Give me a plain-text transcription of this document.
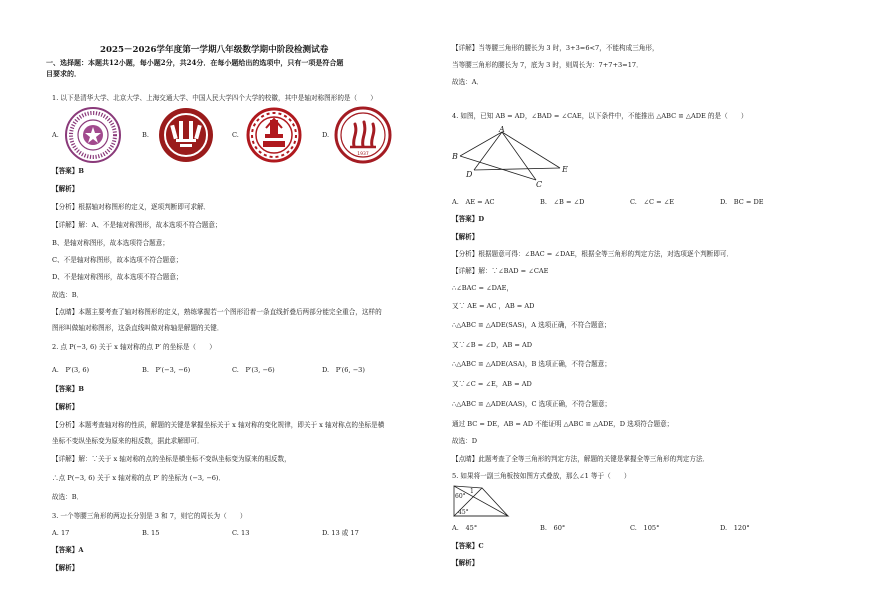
2025－2026学年度第一学期八年级数学期中阶段检测试卷
一、选择题：本题共12小题，每小题2分，共24分．在每小题给出的选项中，只有一项是符合题
目要求的．
1. 以下是清华大学、北京大学、上海交通大学、中国人民大学四个大学的校徽，其中是轴对称图形的是（　　）
A.	B.	C.	D.
1937
【答案】B
【解析】
【分析】根据轴对称图形的定义，逐项判断即可求解．
【详解】解：A、不是轴对称图形，故本选项不符合题意；
B、是轴对称图形，故本选项符合题意；
C、不是轴对称图形，故本选项不符合题意；
D、不是轴对称图形，故本选项不符合题意；
故选：B．
【点睛】本题主要考查了轴对称图形的定义，熟练掌握若一个图形沿着一条直线折叠后两部分能完全重合，这样的
图形叫做轴对称图形，这条直线叫做对称轴是解题的关键．
2. 点 P(−3, 6) 关于 x 轴对称的点 P′ 的坐标是（　　）
A.　P′(3, 6)	B.　P′(−3, −6)	C.　P′(3, −6)	D.　P′(6, −3)
【答案】B
【解析】
【分析】本题考查轴对称的性质，解题的关键是掌握坐标关于 x 轴对称的变化规律，即关于 x 轴对称点的坐标是横
坐标不变纵坐标变为原来的相反数，据此求解即可．
【详解】解：∵关于 x 轴对称的点的坐标是横坐标不变纵坐标变为原来的相反数，
∴点 P(−3, 6) 关于 x 轴对称的点 P′ 的坐标为 (−3, −6)．
故选：B．
3. 一个等腰三角形的两边长分别是 3 和 7，则它的周长为（　　）
A. 17	B. 15	C. 13	D. 13 或 17
【答案】A
【解析】
【详解】当等腰三角形的腰长为 3 时，3+3=6<7，不能构成三角形，
当等腰三角形的腰长为 7，底为 3 时，则周长为：7+7+3=17．
故选：A．
4. 如图，已知 AB = AD，∠BAD = ∠CAE，以下条件中，不能推出 △ABC ≌ △ADE 的是（　　）
A
B
D
C
E
A.　AE = AC	B.　∠B = ∠D	C.　∠C = ∠E	D.　BC = DE
【答案】D
【解析】
【分析】根据题意可得：∠BAC = ∠DAE，根据全等三角形的判定方法，对选项逐个判断即可．
【详解】解：∵∠BAD = ∠CAE
∴∠BAC = ∠DAE，
又∵ AE = AC ，AB = AD
∴△ABC ≌ △ADE(SAS)，A 选项正确，不符合题意；
又∵∠B = ∠D，AB = AD
∴△ABC ≌ △ADE(ASA)，B 选项正确，不符合题意；
又∵∠C = ∠E，AB = AD
∴△ABC ≌ △ADE(AAS)，C 选项正确，不符合题意；
通过 BC = DE，AB = AD 不能证明 △ABC ≌ △ADE，D 选项符合题意；
故选：D
【点睛】此题考查了全等三角形的判定方法，解题的关键是掌握全等三角形的判定方法．
5. 如果将一副三角板按如图方式叠放，那么∠1 等于（　　）
60°
45°
1
A.　45°	B.　60°	C.　105°	D.　120°
【答案】C
【解析】
